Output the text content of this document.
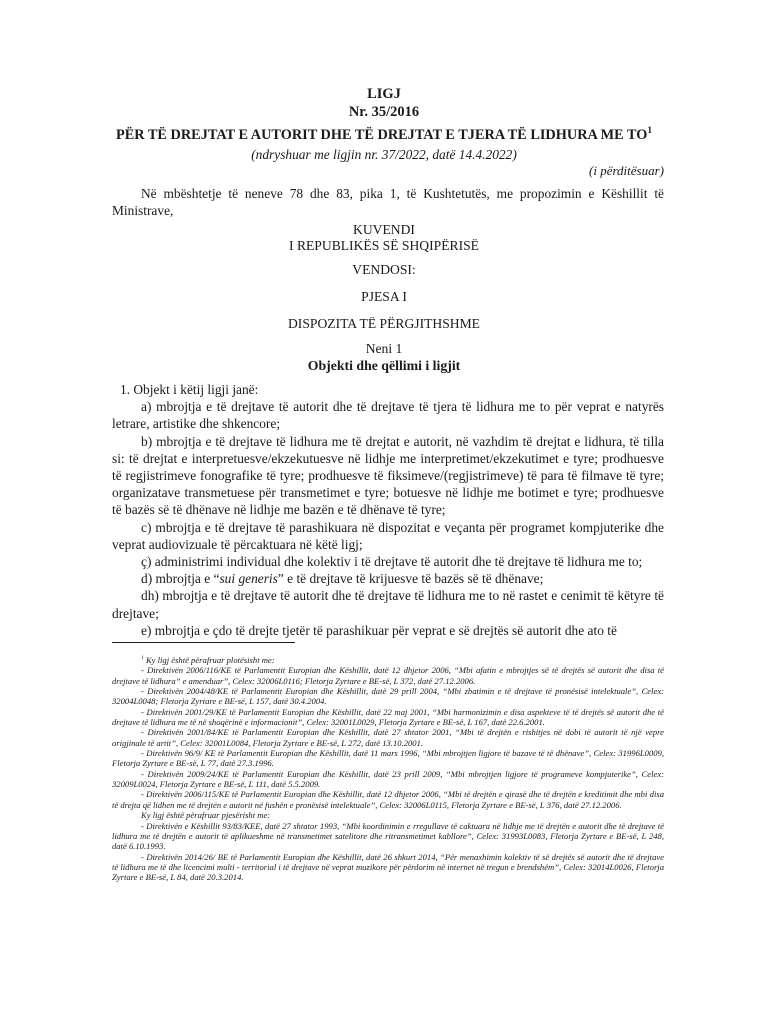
LIGJ
Nr. 35/2016
PËR TË DREJTAT E AUTORIT DHE TË DREJTAT E TJERA TË LIDHURA ME $TO^1$
(ndryshuar me ligjin nr. 37/2022, datë 14.4.2022)
(i përditësuar)

Në mbështetje të neneve 78 dhe 83, pika 1, të Kushtetutës, me propozimin e Këshillit të Ministrave,

KUVENDI
I REPUBLIKËS SË SHQIPËRISË
VENDOSI:
PJESA I
DISPOZITA TË PËRGJITHSHME
Neni 1
Objekti dhe qëllimi i ligjit

1. Objekt i këtij ligji janë:

a) mbrojtja e të drejtave të autorit dhe të drejtave të tjera të lidhura me to për veprat e natyrës letrare, artistike dhe shkencore;

b) mbrojtja e të drejtave të lidhura me të drejtat e autorit, në vazhdim të drejtat e lidhura, të tilla si: të drejtat e interpretuesve/ekzekutuesve në lidhje me interpretimet/ekzekutimet e tyre; prodhuesve të regjistrimeve fonografike të tyre; prodhuesve të fiksimeve/(regjistrimeve) të para të filmave të tyre; organizatave transmetuese për transmetimet e tyre; botuesve në lidhje me botimet e tyre; prodhuesve të bazës së të dhënave në lidhje me bazën e të dhënave të tyre;

c) mbrojtja e të drejtave të parashikuara në dispozitat e veçanta për programet kompjuterike dhe veprat audiovizuale të përcaktuara në këtë ligj;

ç) administrimi individual dhe kolektiv i të drejtave të autorit dhe të drejtave të lidhura me to;

d) mbrojtja e “sui generis” e të drejtave të krijuesve të bazës së të dhënave;

dh) mbrojtja e të drejtave të autorit dhe të drejtave të lidhura me to në rastet e cenimit të këtyre të drejtave;

e) mbrojtja e çdo të drejte tjetër të parashikuar për veprat e së drejtës së autorit dhe ato të

$^1$ Ky ligj është përafruar plotësisht me:

- Direktivën 2006/116/KE të Parlamentit Europian dhe Këshillit, datë 12 dhjetor 2006, “Mbi afatin e mbrojtjes së të drejtës së autorit dhe disa të drejtave të lidhura” e amenduar”, Celex: 32006L0116; Fletorja Zyrtare e BE-së, L 372, datë 27.12.2006.

- Direktivën 2004/48/KE të Parlamentit Europian dhe Këshillit, datë 29 prill 2004, “Mbi zbatimin e të drejtave të pronësisë intelektuale”, Celex: 32004L0048; Fletorja Zyrtare e BE-së, L 157, datë 30.4.2004.

- Direktivën 2001/29/KE të Parlamentit Europian dhe Këshillit, datë 22 maj 2001, “Mbi harmonizimin e disa aspekteve të të drejtës së autorit dhe të drejtave të lidhura me të në shoqërinë e informacionit”, Celex: 32001L0029, Fletorja Zyrtare e BE-së, L 167, datë 22.6.2001.

- Direktivën 2001/84/KE të Parlamentit Europian dhe Këshillit, datë 27 shtator 2001, “Mbi të drejtën e rishitjes në dobi të autorit të një vepre origjinale të artit”, Celex: 32001L0084, Fletorja Zyrtare e BE-së, L 272, datë 13.10.2001.

- Direktivën 96/9/ KE të Parlamentit Europian dhe Këshillit, datë 11 mars 1996, “Mbi mbrojtjen ligjore të bazave të të dhënave”, Celex: 31996L0009, Fletorja Zyrtare e BE-së, L 77, datë 27.3.1996.

- Direktivën 2009/24/KE të Parlamentit Europian dhe Këshillit, datë 23 prill 2009, “Mbi mbrojtjen ligjore të programeve kompjuterike”, Celex: 32009L0024, Fletorja Zyrtare e BE-së, L 111, datë 5.5.2009.

- Direktivën 2006/115/KE të Parlamentit Europian dhe Këshillit, datë 12 dhjetor 2006, “Mbi të drejtën e qirasë dhe të drejtën e kreditimit dhe mbi disa të drejta që lidhen me të drejtën e autorit në fushën e pronësisë intelektuale”, Celex: 32006L0115, Fletorja Zyrtare e BE-së, L 376, datë 27.12.2006.

Ky ligj është përafruar pjesërisht me:

- Direktivën e Këshillit 93/83/KEE, datë 27 shtator 1993, “Mbi koordinimin e rregullave të caktuara në lidhje me të drejtën e autorit dhe të drejtave të lidhura me të drejtën e autorit të aplikueshme në transmetimet satelitore dhe ritransmetimet kabllore”, Celex: 31993L0083, Fletorja Zyrtare e BE-së, L 248, datë 6.10.1993.

- Direktivën 2014/26/ BE të Parlamentit Europian dhe Këshillit, datë 26 shkurt 2014, “Për menaxhimin kolektiv të së drejtës së autorit dhe të drejtave të lidhura me të dhe licencimi multi - territorial i të drejtave në veprat muzikore për përdorim në internet në tregun e brendshëm”, Celex: 32014L0026, Fletorja Zyrtare e BE-së, L 84, datë 20.3.2014.
